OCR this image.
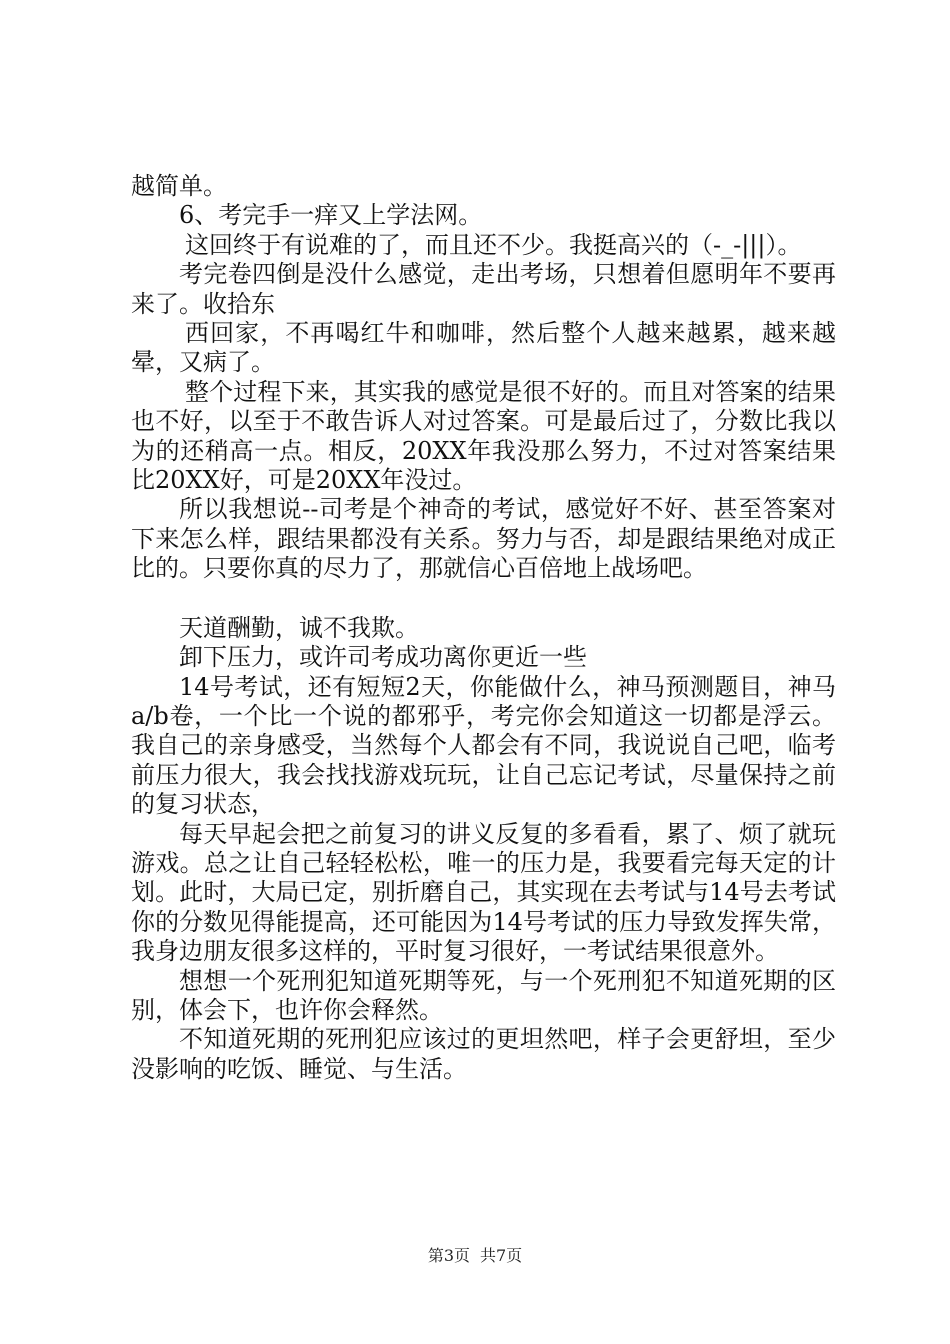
越简单。

6、考完手一痒又上学法网。

这回终于有说难的了，而且还不少。我挺高兴的（-_-|||）。

考完卷四倒是没什么感觉，走出考场，只想着但愿明年不要再来了。收拾东

西回家，不再喝红牛和咖啡，然后整个人越来越累，越来越晕，又病了。

整个过程下来，其实我的感觉是很不好的。而且对答案的结果也不好，以至于不敢告诉人对过答案。可是最后过了，分数比我以为的还稍高一点。相反，20XX年我没那么努力，不过对答案结果比20XX好，可是20XX年没过。

所以我想说--司考是个神奇的考试，感觉好不好、甚至答案对下来怎么样，跟结果都没有关系。努力与否，却是跟结果绝对成正比的。只要你真的尽力了，那就信心百倍地上战场吧。

天道酬勤，诚不我欺。

卸下压力，或许司考成功离你更近一些

14号考试，还有短短2天，你能做什么，神马预测题目，神马a/b卷，一个比一个说的都邪乎，考完你会知道这一切都是浮云。我自己的亲身感受，当然每个人都会有不同，我说说自己吧，临考前压力很大，我会找找游戏玩玩，让自己忘记考试，尽量保持之前的复习状态，

每天早起会把之前复习的讲义反复的多看看，累了、烦了就玩游戏。总之让自己轻轻松松，唯一的压力是，我要看完每天定的计划。此时，大局已定，别折磨自己，其实现在去考试与14号去考试你的分数见得能提高，还可能因为14号考试的压力导致发挥失常，我身边朋友很多这样的，平时复习很好，一考试结果很意外。

想想一个死刑犯知道死期等死，与一个死刑犯不知道死期的区别，体会下，也许你会释然。

不知道死期的死刑犯应该过的更坦然吧，样子会更舒坦，至少没影响的吃饭、睡觉、与生活。

第3页 共7页
